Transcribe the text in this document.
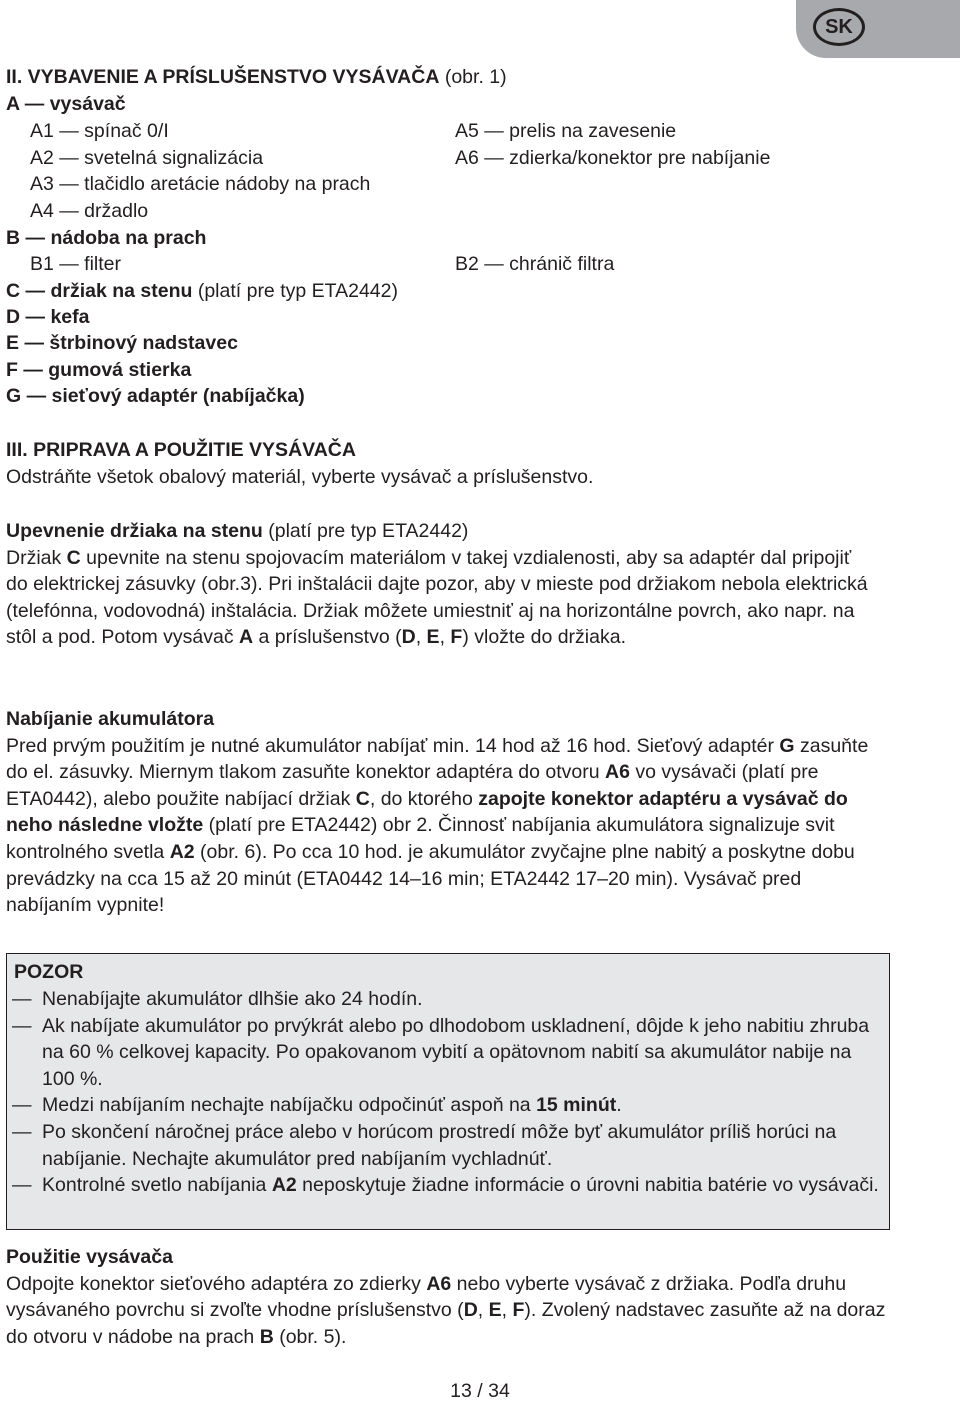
SK
II. VYBAVENIE A PRÍSLUŠENSTVO VYSÁVAČA (obr. 1)
A — vysávač
A1 — spínač 0/I	A5 — prelis na zavesenie
A2 — svetelná signalizácia	A6 — zdierka/konektor pre nabíjanie
A3 — tlačidlo aretácie nádoby na prach
A4 — držadlo
B — nádoba na prach
B1 — filter	B2 — chránič filtra
C — držiak na stenu (platí pre typ ETA2442)
D — kefa
E — štrbinový nadstavec
F — gumová stierka
G — sieťový adaptér (nabíjačka)
III. PRIPRAVA A POUŽITIE VYSÁVAČA
Odstráňte všetok obalový materiál, vyberte vysávač a príslušenstvo.

Upevnenie držiaka na stenu (platí pre typ ETA2442)

Držiak C upevnite na stenu spojovacím materiálom v takej vzdialenosti, aby sa adaptér dal pripojiť do elektrickej zásuvky (obr.3). Pri inštalácii dajte pozor, aby v mieste pod držiakom nebola elektrická (telefónna, vodovodná) inštalácia. Držiak môžete umiestniť aj na horizontálne povrch, ako napr. na stôl a pod. Potom vysávač A a príslušenstvo (D, E, F) vložte do držiaka.

Nabíjanie akumulátora

Pred prvým použitím je nutné akumulátor nabíjať min. 14 hod až 16 hod. Sieťový adaptér G zasuňte do el. zásuvky. Miernym tlakom zasuňte konektor adaptéra do otvoru A6 vo vysávači (platí pre ETA0442), alebo použite nabíjací držiak C, do ktorého zapojte konektor adaptéru a vysávač do neho následne vložte (platí pre ETA2442) obr 2. Činnosť nabíjania akumulátora signalizuje svit kontrolného svetla A2 (obr. 6). Po cca 10 hod. je akumulátor zvyčajne plne nabitý a poskytne dobu prevádzky na cca 15 až 20 minút (ETA0442 14–16 min; ETA2442 17–20 min). Vysávač pred nabíjaním vypnite!

POZOR
— Nenabíjajte akumulátor dlhšie ako 24 hodín.
— Ak nabíjate akumulátor po prvýkrát alebo po dlhodobom uskladnení, dôjde k jeho nabitiu zhruba na 60 % celkovej kapacity. Po opakovanom vybití a opätovnom nabití sa akumulátor nabije na 100 %.
— Medzi nabíjaním nechajte nabíjačku odpočinúť aspoň na 15 minút.
— Po skončení náročnej práce alebo v horúcom prostredí môže byť akumulátor príliš horúci na nabíjanie. Nechajte akumulátor pred nabíjaním vychladnúť.
— Kontrolné svetlo nabíjania A2 neposkytuje žiadne informácie o úrovni nabitia batérie vo vysávači.

Použitie vysávača

Odpojte konektor sieťového adaptéra zo zdierky A6 nebo vyberte vysávač z držiaka. Podľa druhu vysávaného povrchu si zvoľte vhodne príslušenstvo (D, E, F). Zvolený nadstavec zasuňte až na doraz do otvoru v nádobe na prach B (obr. 5).

13 / 34
